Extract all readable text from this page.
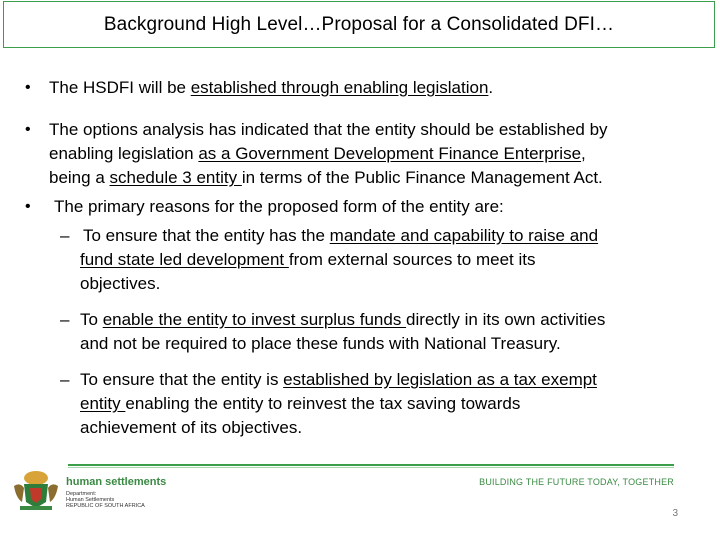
Background High Level…Proposal for a Consolidated DFI…
• The HSDFI will be established through enabling legislation.
• The options analysis has indicated that the entity should be established by
enabling legislation as a Government Development Finance Enterprise,
being a schedule 3 entity in terms of the Public Finance Management Act.
• The primary reasons for the proposed form of the entity are:
– To ensure that the entity has the mandate and capability to raise and
fund state led development from external sources to meet its
objectives.
– To enable the entity to invest surplus funds directly in its own activities
and not be required to place these funds with National Treasury.
– To ensure that the entity is established by legislation as a tax exempt
entity enabling the entity to reinvest the tax saving towards
achievement of its objectives.
human settlements
Department:
Human Settlements
REPUBLIC OF SOUTH AFRICA
BUILDING THE FUTURE TODAY, TOGETHER
3
